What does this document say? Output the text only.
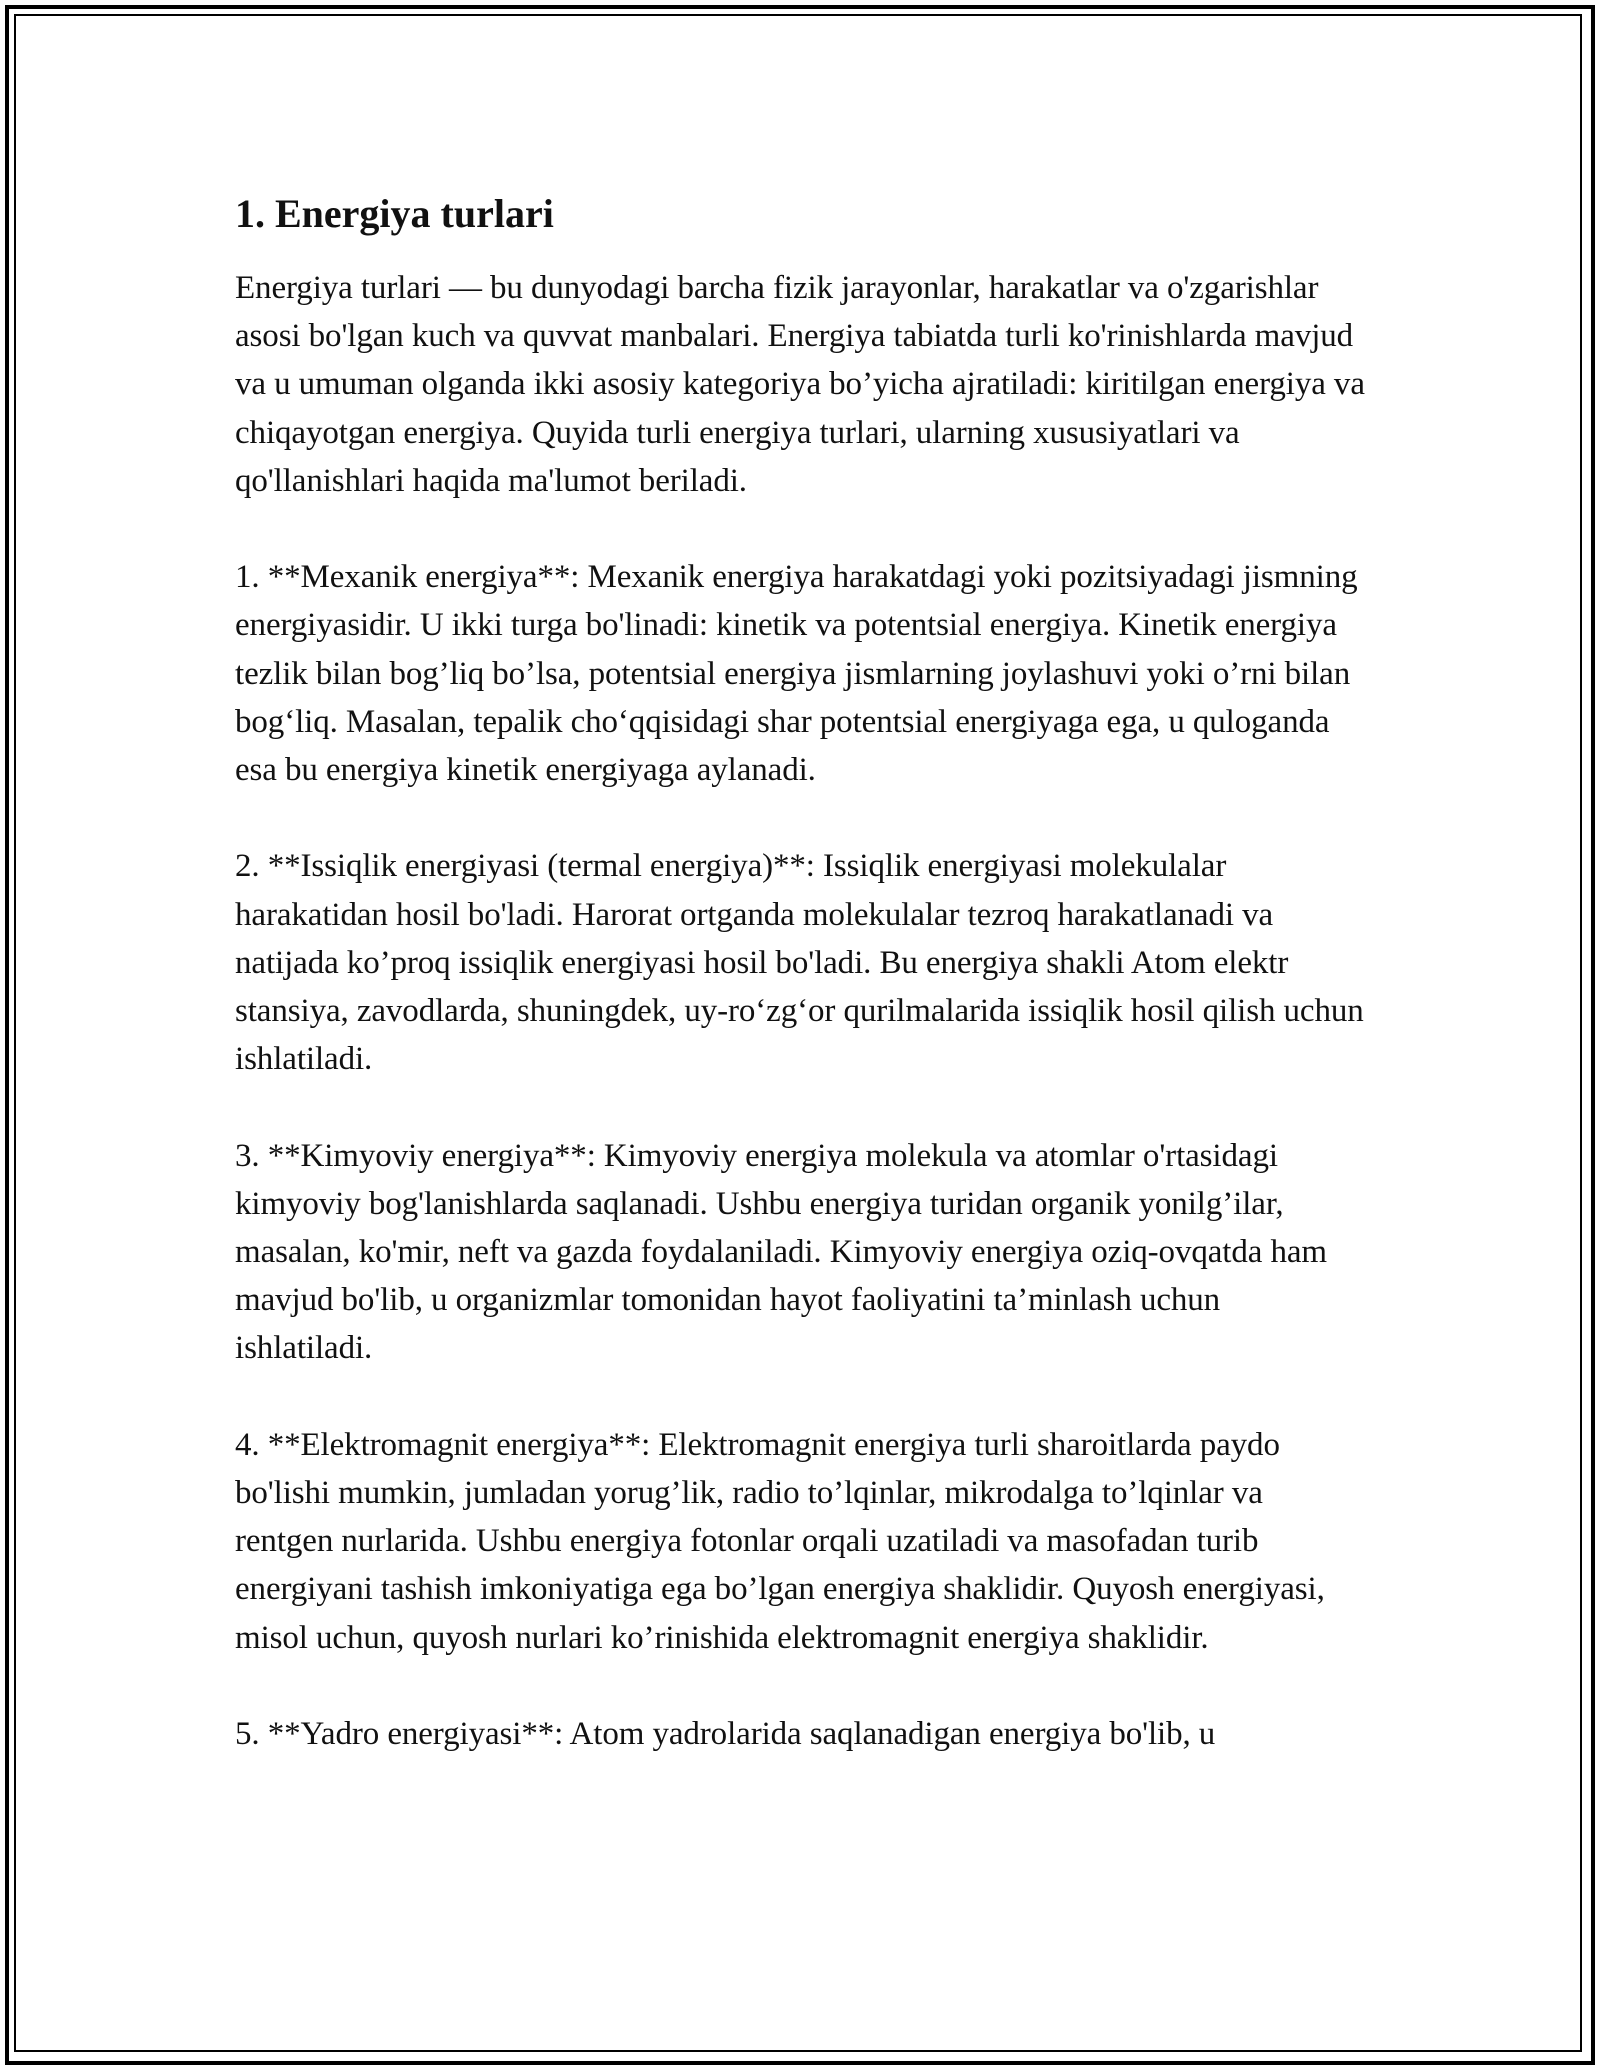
1. Energiya turlari

Energiya turlari — bu dunyodagi barcha fizik jarayonlar, harakatlar va o'zgarishlar asosi bo'lgan kuch va quvvat manbalari. Energiya tabiatda turli ko'rinishlarda mavjud va u umuman olganda ikki asosiy kategoriya bo’yicha ajratiladi: kiritilgan energiya va chiqayotgan energiya. Quyida turli energiya turlari, ularning xususiyatlari va qo'llanishlari haqida ma'lumot beriladi.

1. **Mexanik energiya**: Mexanik energiya harakatdagi yoki pozitsiyadagi jismning energiyasidir. U ikki turga bo'linadi: kinetik va potentsial energiya. Kinetik energiya tezlik bilan bog’liq bo’lsa, potentsial energiya jismlarning joylashuvi yoki o’rni bilan bog‘liq. Masalan, tepalik cho‘qqisidagi shar potentsial energiyaga ega, u quloganda esa bu energiya kinetik energiyaga aylanadi.

2. **Issiqlik energiyasi (termal energiya)**: Issiqlik energiyasi molekulalar harakatidan hosil bo'ladi. Harorat ortganda molekulalar tezroq harakatlanadi va natijada ko’proq issiqlik energiyasi hosil bo'ladi. Bu energiya shakli Atom elektr stansiya, zavodlarda, shuningdek, uy-ro‘zg‘or qurilmalarida issiqlik hosil qilish uchun ishlatiladi.

3. **Kimyoviy energiya**: Kimyoviy energiya molekula va atomlar o'rtasidagi kimyoviy bog'lanishlarda saqlanadi. Ushbu energiya turidan organik yonilg’ilar, masalan, ko'mir, neft va gazda foydalaniladi. Kimyoviy energiya oziq-ovqatda ham mavjud bo'lib, u organizmlar tomonidan hayot faoliyatini ta’minlash uchun ishlatiladi.

4. **Elektromagnit energiya**: Elektromagnit energiya turli sharoitlarda paydo bo'lishi mumkin, jumladan yorug’lik, radio to’lqinlar, mikrodalga to’lqinlar va rentgen nurlarida. Ushbu energiya fotonlar orqali uzatiladi va masofadan turib energiyani tashish imkoniyatiga ega bo’lgan energiya shaklidir. Quyosh energiyasi, misol uchun, quyosh nurlari ko’rinishida elektromagnit energiya shaklidir.

5. **Yadro energiyasi**: Atom yadrolarida saqlanadigan energiya bo'lib, u
